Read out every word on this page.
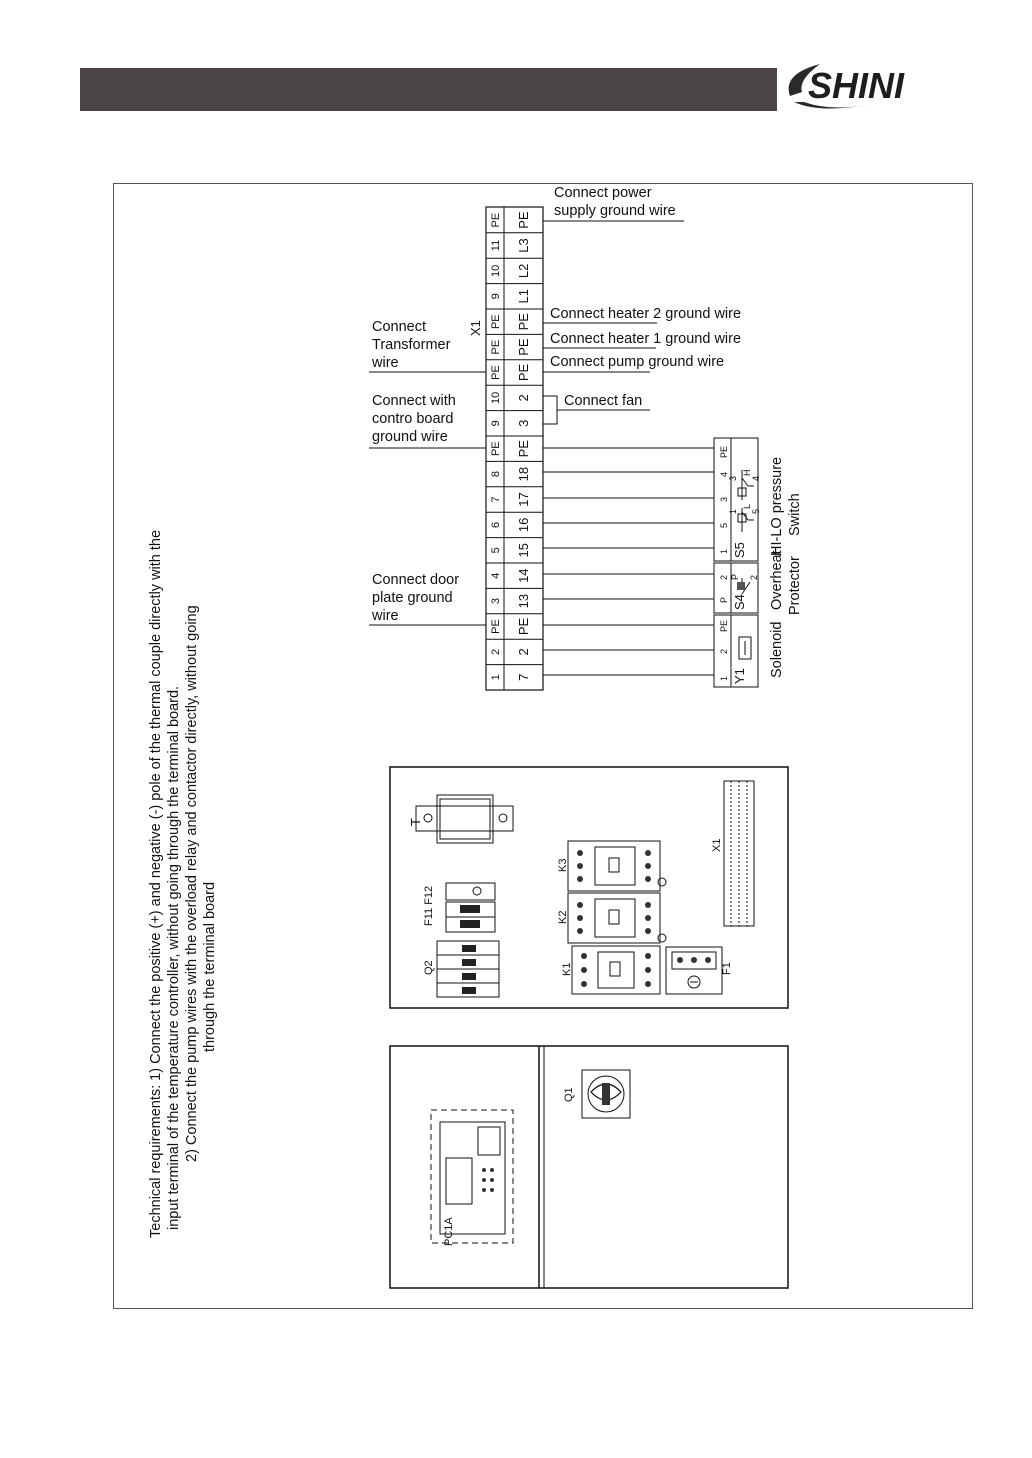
SHINI
Technical requirements: 1) Connect the positive (+) and negative (-) pole of the thermal couple directly with the input terminal of the temperature controller, without going through the terminal board. 2) Connect the pump wires with the overload relay and contactor directly, without going through the terminal board
X1
1 7
2 2
PE PE
3 13
4 14
5 15
6 16
7 17
8 18
PE PE
9 3
10 2
PE PE
PE PE
PE PE
9 L1
10 L2
11 L3
PE PE
Connect power
supply ground wire
Connect heater 2 ground wire
Connect heater 1 ground wire
Connect pump ground wire
Connect fan
Connect
Transformer
wire
Connect with
contro board
ground wire
Connect door
plate ground
wire
S5
1
5
3
4
PE
1
L
5
3
H
4 HI-LO pressure Switch
S4
P
2 P 2
Y1
1
2
PE	Solenoid
Overheat Protector
T
F11 F12
Q2
K3
K2
K1	F1
X1
PC1A
Q1
